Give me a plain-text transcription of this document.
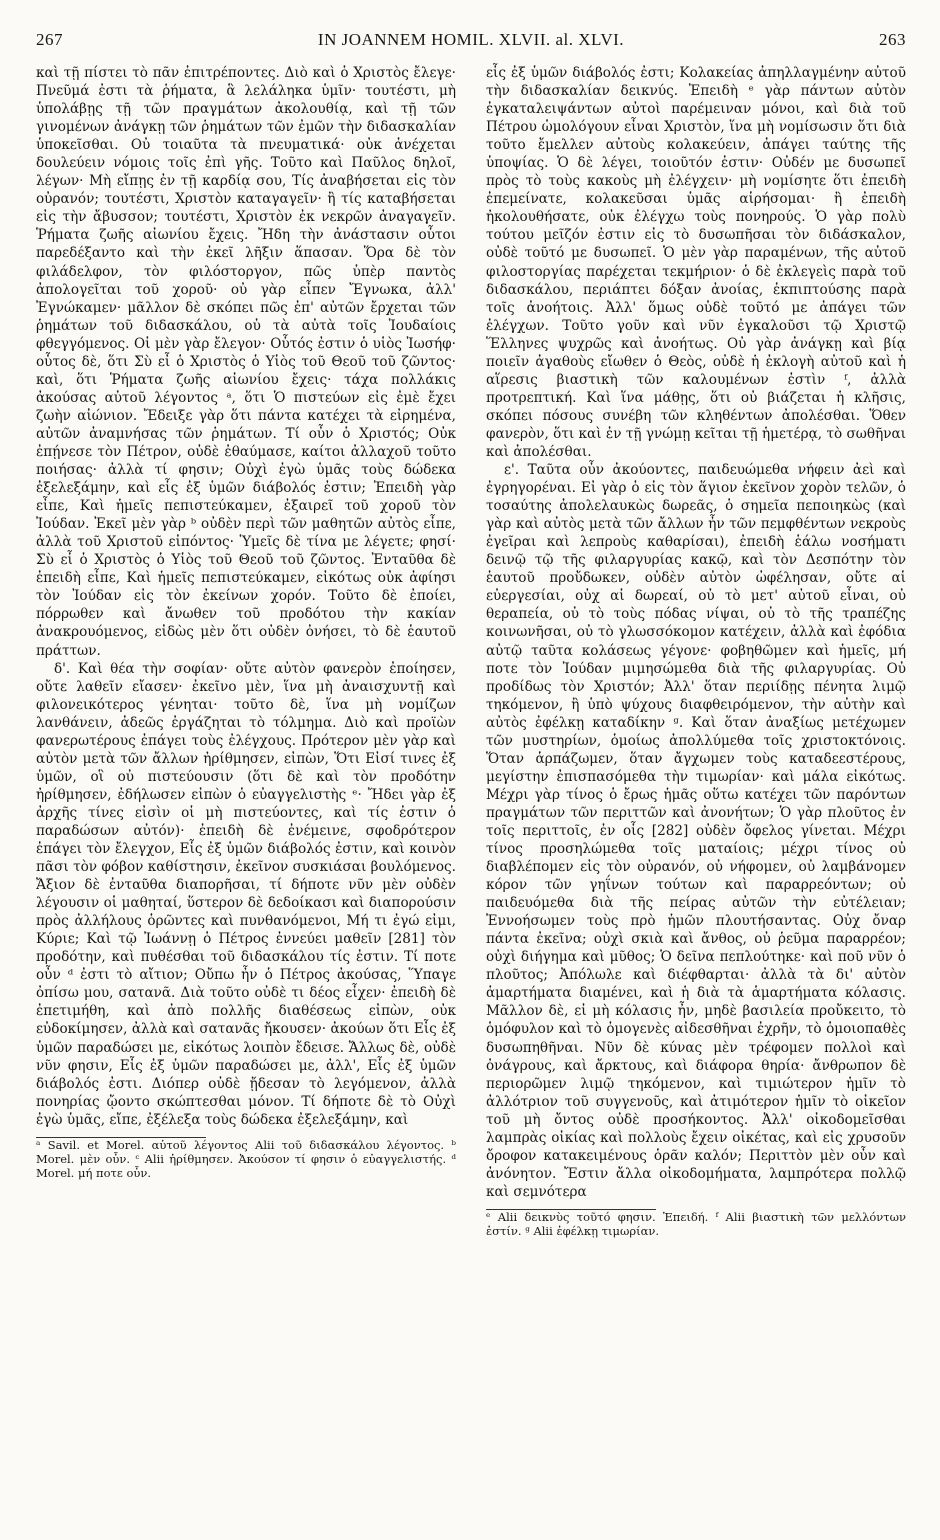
267	IN JOANNEM HOMIL. XLVII. al. XLVI.	263

καὶ τῇ πίστει τὸ πᾶν ἐπιτρέποντες. Διὸ καὶ ὁ Χριστὸς ἔλεγε· Πνεῦμά ἐστι τὰ ῥήματα, ἃ λελάληκα ὑμῖν· τουτέστι, μὴ ὑπολάβῃς τῇ τῶν πραγμάτων ἀκολουθίᾳ, καὶ τῇ τῶν γινομένων ἀνάγκῃ τῶν ῥημάτων τῶν ἐμῶν τὴν διδασκαλίαν ὑποκεῖσθαι. Οὐ τοιαῦτα τὰ πνευματικά· οὐκ ἀνέχεται δουλεύειν νόμοις τοῖς ἐπὶ γῆς. Τοῦτο καὶ Παῦλος δηλοῖ, λέγων· Μὴ εἴπῃς ἐν τῇ καρδίᾳ σου, Τίς ἀναβήσεται εἰς τὸν οὐρανόν; τουτέστι, Χριστὸν καταγαγεῖν· ἢ τίς καταβήσεται εἰς τὴν ἄβυσσον; τουτέστι, Χριστὸν ἐκ νεκρῶν ἀναγαγεῖν. Ῥήματα ζωῆς αἰωνίου ἔχεις. Ἤδη τὴν ἀνάστασιν οὗτοι παρεδέξαντο καὶ τὴν ἐκεῖ λῆξιν ἅπασαν. Ὅρα δὲ τὸν φιλάδελφον, τὸν φιλόστοργον, πῶς ὑπὲρ παντὸς ἀπολογεῖται τοῦ χοροῦ· οὐ γὰρ εἶπεν Ἔγνωκα, ἀλλ' Ἐγνώκαμεν· μᾶλλον δὲ σκόπει πῶς ἐπ' αὐτῶν ἔρχεται τῶν ῥημάτων τοῦ διδασκάλου, οὐ τὰ αὐτὰ τοῖς Ἰουδαίοις φθεγγόμενος. Οἱ μὲν γὰρ ἔλεγον· Οὗτός ἐστιν ὁ υἱὸς Ἰωσήφ· οὗτος δὲ, ὅτι Σὺ εἶ ὁ Χριστὸς ὁ Υἱὸς τοῦ Θεοῦ τοῦ ζῶντος· καὶ, ὅτι Ῥήματα ζωῆς αἰωνίου ἔχεις· τάχα πολλάκις ἀκούσας αὐτοῦ λέγοντος ᵃ, ὅτι Ὁ πιστεύων εἰς ἐμὲ ἔχει ζωὴν αἰώνιον. Ἔδειξε γὰρ ὅτι πάντα κατέχει τὰ εἰρημένα, αὐτῶν ἀναμνήσας τῶν ῥημάτων. Τί οὖν ὁ Χριστός; Οὐκ ἐπῄνεσε τὸν Πέτρον, οὐδὲ ἐθαύμασε, καίτοι ἀλλαχοῦ τοῦτο ποιήσας· ἀλλὰ τί φησιν; Οὐχὶ ἐγὼ ὑμᾶς τοὺς δώδεκα ἐξελεξάμην, καὶ εἷς ἐξ ὑμῶν διάβολός ἐστιν; Ἐπειδὴ γὰρ εἶπε, Καὶ ἡμεῖς πεπιστεύκαμεν, ἐξαιρεῖ τοῦ χοροῦ τὸν Ἰούδαν. Ἐκεῖ μὲν γὰρ ᵇ οὐδὲν περὶ τῶν μαθητῶν αὐτὸς εἶπε, ἀλλὰ τοῦ Χριστοῦ εἰπόντος· Ὑμεῖς δὲ τίνα με λέγετε; φησί· Σὺ εἶ ὁ Χριστὸς ὁ Υἱὸς τοῦ Θεοῦ τοῦ ζῶντος. Ἐνταῦθα δὲ ἐπειδὴ εἶπε, Καὶ ἡμεῖς πεπιστεύκαμεν, εἰκότως οὐκ ἀφίησι τὸν Ἰούδαν εἰς τὸν ἐκείνων χορόν. Τοῦτο δὲ ἐποίει, πόρρωθεν καὶ ἄνωθεν τοῦ προδότου τὴν κακίαν ἀνακρουόμενος, εἰδὼς μὲν ὅτι οὐδὲν ὀνήσει, τὸ δὲ ἑαυτοῦ πράττων.

δ'. Καὶ θέα τὴν σοφίαν· οὔτε αὐτὸν φανερὸν ἐποίησεν, οὔτε λαθεῖν εἴασεν· ἐκεῖνο μὲν, ἵνα μὴ ἀναισχυντῇ καὶ φιλονεικότερος γένηται· τοῦτο δὲ, ἵνα μὴ νομίζων λανθάνειν, ἀδεῶς ἐργάζηται τὸ τόλμημα. Διὸ καὶ προϊὼν φανερωτέρους ἐπάγει τοὺς ἐλέγχους. Πρότερον μὲν γὰρ καὶ αὐτὸν μετὰ τῶν ἄλλων ἠρίθμησεν, εἰπὼν, Ὅτι Εἰσί τινες ἐξ ὑμῶν, οἳ οὐ πιστεύουσιν (ὅτι δὲ καὶ τὸν προδότην ἠρίθμησεν, ἐδήλωσεν εἰπὼν ὁ εὐαγγελιστὴς ᵉ· Ἤδει γὰρ ἐξ ἀρχῆς τίνες εἰσὶν οἱ μὴ πιστεύοντες, καὶ τίς ἐστιν ὁ παραδώσων αὐτόν)· ἐπειδὴ δὲ ἐνέμεινε, σφοδρότερον ἐπάγει τὸν ἔλεγχον, Εἷς ἐξ ὑμῶν διάβολός ἐστιν, καὶ κοινὸν πᾶσι τὸν φόβον καθίστησιν, ἐκεῖνον συσκιάσαι βουλόμενος. Ἄξιον δὲ ἐνταῦθα διαπορῆσαι, τί δήποτε νῦν μὲν οὐδὲν λέγουσιν οἱ μαθηταί, ὕστερον δὲ δεδοίκασι καὶ διαπορούσιν πρὸς ἀλλήλους ὁρῶντες καὶ πυνθανόμενοι, Μή τι ἐγώ εἰμι, Κύριε; Καὶ τῷ Ἰωάννῃ ὁ Πέτρος ἐννεύει μαθεῖν [281] τὸν προδότην, καὶ πυθέσθαι τοῦ διδασκάλου τίς ἐστιν. Τί ποτε οὖν ᵈ ἐστι τὸ αἴτιον; Οὔπω ἦν ὁ Πέτρος ἀκούσας, Ὕπαγε ὀπίσω μου, σατανᾶ. Διὰ τοῦτο οὐδὲ τι δέος εἶχεν· ἐπειδὴ δὲ ἐπετιμήθη, καὶ ἀπὸ πολλῆς διαθέσεως εἰπὼν, οὐκ εὐδοκίμησεν, ἀλλὰ καὶ σατανᾶς ἤκουσεν· ἀκούων ὅτι Εἷς ἐξ ὑμῶν παραδώσει με, εἰκότως λοιπὸν ἔδεισε. Ἄλλως δὲ, οὐδὲ νῦν φησιν, Εἷς ἐξ ὑμῶν παραδώσει με, ἀλλ', Εἷς ἐξ ὑμῶν διάβολός ἐστι. Διόπερ οὐδὲ ᾔδεσαν τὸ λεγόμενον, ἀλλὰ πονηρίας ᾤοντο σκώπτεσθαι μόνον. Τί δήποτε δὲ τὸ Οὐχὶ ἐγὼ ὑμᾶς, εἴπε, ἐξέλεξα τοὺς δώδεκα ἐξελεξάμην, καὶ

ᵃ Savil. et Morel. αὐτοῦ λέγοντος Alii τοῦ διδασκάλου λέγοντος. ᵇ Morel. μὲν οὖν. ᶜ Alii ἠρίθμησεν. Ἀκούσον τί φησιν ὁ εὐαγγελιστής. ᵈ Morel. μή ποτε οὖν.

εἷς ἐξ ὑμῶν διάβολός ἐστι; Κολακείας ἀπηλλαγμένην αὐτοῦ τὴν διδασκαλίαν δεικνύς. Ἐπειδὴ ᵉ γὰρ πάντων αὐτὸν ἐγκαταλειψάντων αὐτοὶ παρέμειναν μόνοι, καὶ διὰ τοῦ Πέτρου ὡμολόγουν εἶναι Χριστὸν, ἵνα μὴ νομίσωσιν ὅτι διὰ τοῦτο ἔμελλεν αὐτοὺς κολακεύειν, ἀπάγει ταύτης τῆς ὑποψίας. Ὁ δὲ λέγει, τοιοῦτόν ἐστιν· Οὐδέν με δυσωπεῖ πρὸς τὸ τοὺς κακοὺς μὴ ἐλέγχειν· μὴ νομίσητε ὅτι ἐπειδὴ ἐπεμείνατε, κολακεῦσαι ὑμᾶς αἱρήσομαι· ἢ ἐπειδὴ ἠκολουθήσατε, οὐκ ἐλέγχω τοὺς πονηρούς. Ὁ γὰρ πολὺ τούτου μεῖζόν ἐστιν εἰς τὸ δυσωπῆσαι τὸν διδάσκαλον, οὐδὲ τοῦτό με δυσωπεῖ. Ὁ μὲν γὰρ παραμένων, τῆς αὐτοῦ φιλοστοργίας παρέχεται τεκμήριον· ὁ δὲ ἐκλεγεὶς παρὰ τοῦ διδασκάλου, περιάπτει δόξαν ἀνοίας, ἐκπιπτούσης παρὰ τοῖς ἀνοήτοις. Ἀλλ' ὅμως οὐδὲ τοῦτό με ἀπάγει τῶν ἐλέγχων. Τοῦτο γοῦν καὶ νῦν ἐγκαλοῦσι τῷ Χριστῷ Ἕλληνες ψυχρῶς καὶ ἀνοήτως. Οὐ γὰρ ἀνάγκῃ καὶ βίᾳ ποιεῖν ἀγαθοὺς εἴωθεν ὁ Θεὸς, οὐδὲ ἡ ἐκλογὴ αὐτοῦ καὶ ἡ αἵρεσις βιαστικὴ τῶν καλουμένων ἐστὶν ᶠ, ἀλλὰ προτρεπτική. Καὶ ἵνα μάθῃς, ὅτι οὐ βιάζεται ἡ κλῆσις, σκόπει πόσους συνέβη τῶν κληθέντων ἀπολέσθαι. Ὅθεν φανερὸν, ὅτι καὶ ἐν τῇ γνώμῃ κεῖται τῇ ἡμετέρᾳ, τὸ σωθῆναι καὶ ἀπολέσθαι.

ε'. Ταῦτα οὖν ἀκούοντες, παιδευώμεθα νήφειν ἀεὶ καὶ ἐγρηγορέναι. Εἰ γὰρ ὁ εἰς τὸν ἅγιον ἐκεῖνον χορὸν τελῶν, ὁ τοσαύτης ἀπολελαυκὼς δωρεᾶς, ὁ σημεῖα πεποιηκὼς (καὶ γὰρ καὶ αὐτὸς μετὰ τῶν ἄλλων ἦν τῶν πεμφθέντων νεκροὺς ἐγεῖραι καὶ λεπροὺς καθαρίσαι), ἐπειδὴ ἑάλω νοσήματι δεινῷ τῷ τῆς φιλαργυρίας κακῷ, καὶ τὸν Δεσπότην τὸν ἑαυτοῦ προὔδωκεν, οὐδὲν αὐτὸν ὠφέλησαν, οὔτε αἱ εὐεργεσίαι, οὐχ αἱ δωρεαί, οὐ τὸ μετ' αὐτοῦ εἶναι, οὐ θεραπεία, οὐ τὸ τοὺς πόδας νίψαι, οὐ τὸ τῆς τραπέζης κοινωνῆσαι, οὐ τὸ γλωσσόκομον κατέχειν, ἀλλὰ καὶ ἐφόδια αὐτῷ ταῦτα κολάσεως γέγονε· φοβηθῶμεν καὶ ἡμεῖς, μή ποτε τὸν Ἰούδαν μιμησώμεθα διὰ τῆς φιλαργυρίας. Οὐ προδίδως τὸν Χριστόν; Ἀλλ' ὅταν περιίδῃς πένητα λιμῷ τηκόμενον, ἢ ὑπὸ ψύχους διαφθειρόμενον, τὴν αὐτὴν καὶ αὐτὸς ἐφέλκῃ καταδίκην ᵍ. Καὶ ὅταν ἀναξίως μετέχωμεν τῶν μυστηρίων, ὁμοίως ἀπολλύμεθα τοῖς χριστοκτόνοις. Ὅταν ἁρπάζωμεν, ὅταν ἄγχωμεν τοὺς καταδεεστέρους, μεγίστην ἐπισπασόμεθα τὴν τιμωρίαν· καὶ μάλα εἰκότως. Μέχρι γὰρ τίνος ὁ ἔρως ἡμᾶς οὕτω κατέχει τῶν παρόντων πραγμάτων τῶν περιττῶν καὶ ἀνονήτων; Ὁ γὰρ πλοῦτος ἐν τοῖς περιττοῖς, ἐν οἷς [282] οὐδὲν ὄφελος γίνεται. Μέχρι τίνος προσηλώμεθα τοῖς ματαίοις; μέχρι τίνος οὐ διαβλέπομεν εἰς τὸν οὐρανόν, οὐ νήφομεν, οὐ λαμβάνομεν κόρον τῶν γηΐνων τούτων καὶ παραρρεόντων; οὐ παιδευόμεθα διὰ τῆς πείρας αὐτῶν τὴν εὐτέλειαν; Ἐννοήσωμεν τοὺς πρὸ ἡμῶν πλουτήσαντας. Οὐχ ὄναρ πάντα ἐκεῖνα; οὐχὶ σκιὰ καὶ ἄνθος, οὐ ῥεῦμα παραρρέον; οὐχὶ διήγημα καὶ μῦθος; Ὁ δεῖνα πεπλούτηκε· καὶ ποῦ νῦν ὁ πλοῦτος; Ἀπόλωλε καὶ διέφθαρται· ἀλλὰ τὰ δι' αὐτὸν ἁμαρτήματα διαμένει, καὶ ἡ διὰ τὰ ἁμαρτήματα κόλασις. Μᾶλλον δὲ, εἰ μὴ κόλασις ἦν, μηδὲ βασιλεία προὔκειτο, τὸ ὁμόφυλον καὶ τὸ ὁμογενὲς αἰδεσθῆναι ἐχρῆν, τὸ ὁμοιοπαθὲς δυσωπηθῆναι. Νῦν δὲ κύνας μὲν τρέφομεν πολλοὶ καὶ ὀνάγρους, καὶ ἄρκτους, καὶ διάφορα θηρία· ἄνθρωπον δὲ περιορῶμεν λιμῷ τηκόμενον, καὶ τιμιώτερον ἡμῖν τὸ ἀλλότριον τοῦ συγγενοῦς, καὶ ἀτιμότερον ἡμῖν τὸ οἰκεῖον τοῦ μὴ ὄντος οὐδὲ προσήκοντος. Ἀλλ' οἰκοδομεῖσθαι λαμπρὰς οἰκίας καὶ πολλοὺς ἔχειν οἰκέτας, καὶ εἰς χρυσοῦν ὄροφον κατακειμένους ὁρᾶν καλόν; Περιττὸν μὲν οὖν καὶ ἀνόνητον. Ἔστιν ἄλλα οἰκοδομήματα, λαμπρότερα πολλῷ καὶ σεμνότερα

ᵉ Alii δεικνὺς τοῦτό φησιν. Ἐπειδή. ᶠ Alii βιαστικὴ τῶν μελλόντων ἐστίν. ᵍ Alii ἐφέλκῃ τιμωρίαν.
